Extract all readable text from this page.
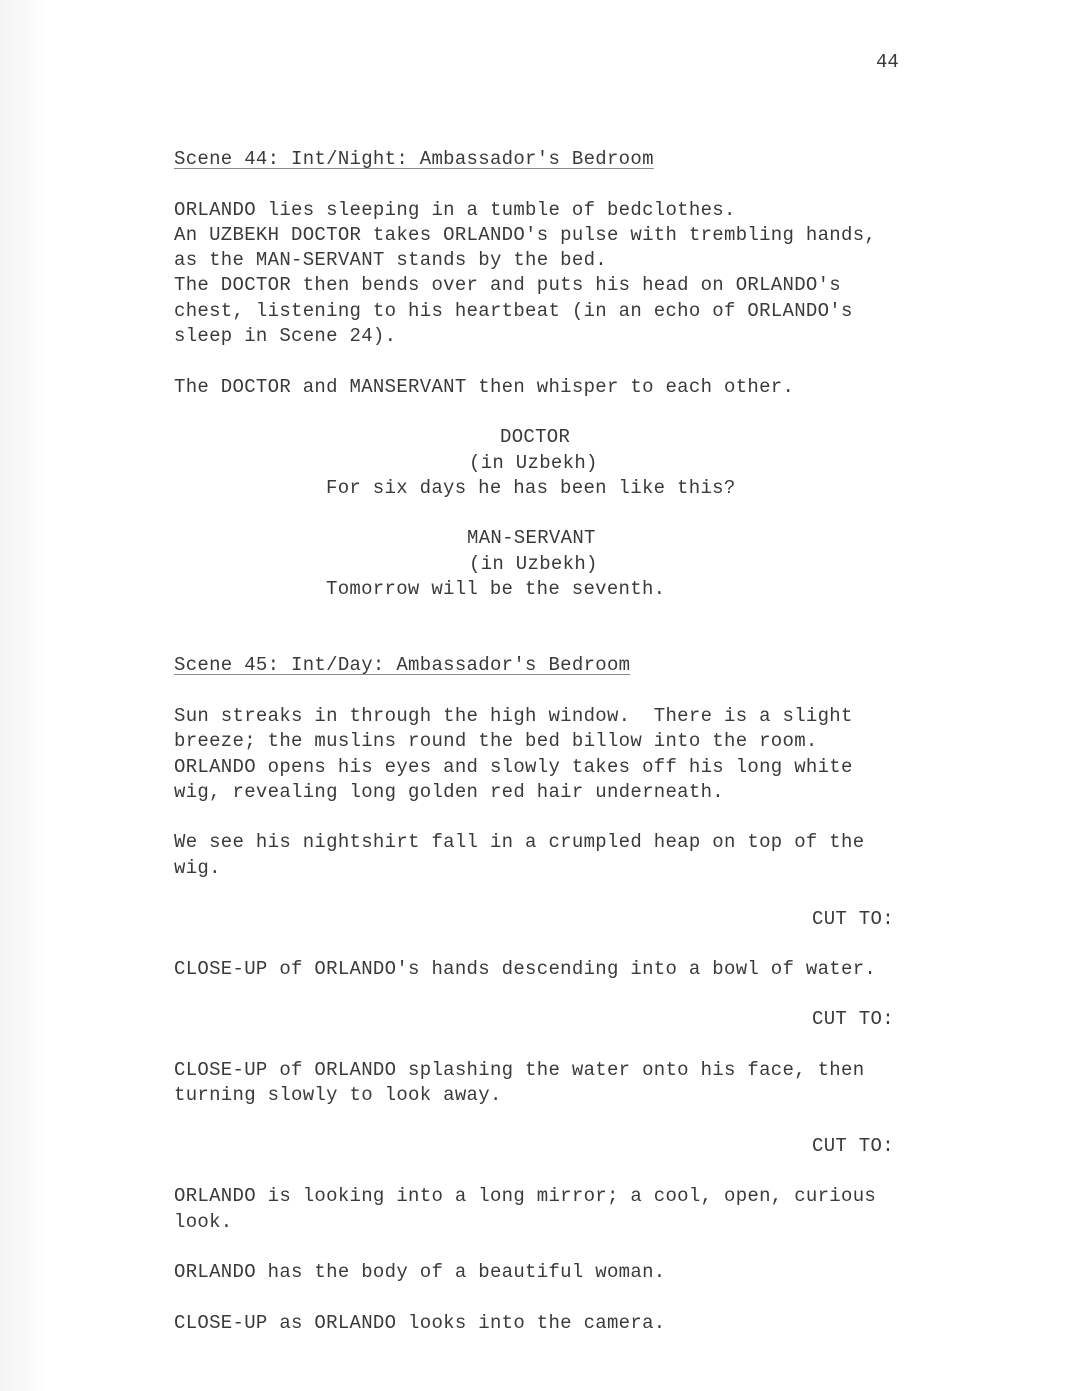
44
Scene 44: Int/Night: Ambassador's Bedroom
ORLANDO lies sleeping in a tumble of bedclothes.
An UZBEKH DOCTOR takes ORLANDO's pulse with trembling hands,
as the MAN-SERVANT stands by the bed.
The DOCTOR then bends over and puts his head on ORLANDO's
chest, listening to his heartbeat (in an echo of ORLANDO's
sleep in Scene 24).
The DOCTOR and MANSERVANT then whisper to each other.
DOCTOR
(in Uzbekh)
For six days he has been like this?
MAN-SERVANT
(in Uzbekh)
Tomorrow will be the seventh.
Scene 45: Int/Day: Ambassador's Bedroom
Sun streaks in through the high window.  There is a slight
breeze; the muslins round the bed billow into the room.
ORLANDO opens his eyes and slowly takes off his long white
wig, revealing long golden red hair underneath.
We see his nightshirt fall in a crumpled heap on top of the
wig.
CUT TO:
CLOSE-UP of ORLANDO's hands descending into a bowl of water.
CUT TO:
CLOSE-UP of ORLANDO splashing the water onto his face, then
turning slowly to look away.
CUT TO:
ORLANDO is looking into a long mirror; a cool, open, curious
look.
ORLANDO has the body of a beautiful woman.
CLOSE-UP as ORLANDO looks into the camera.
